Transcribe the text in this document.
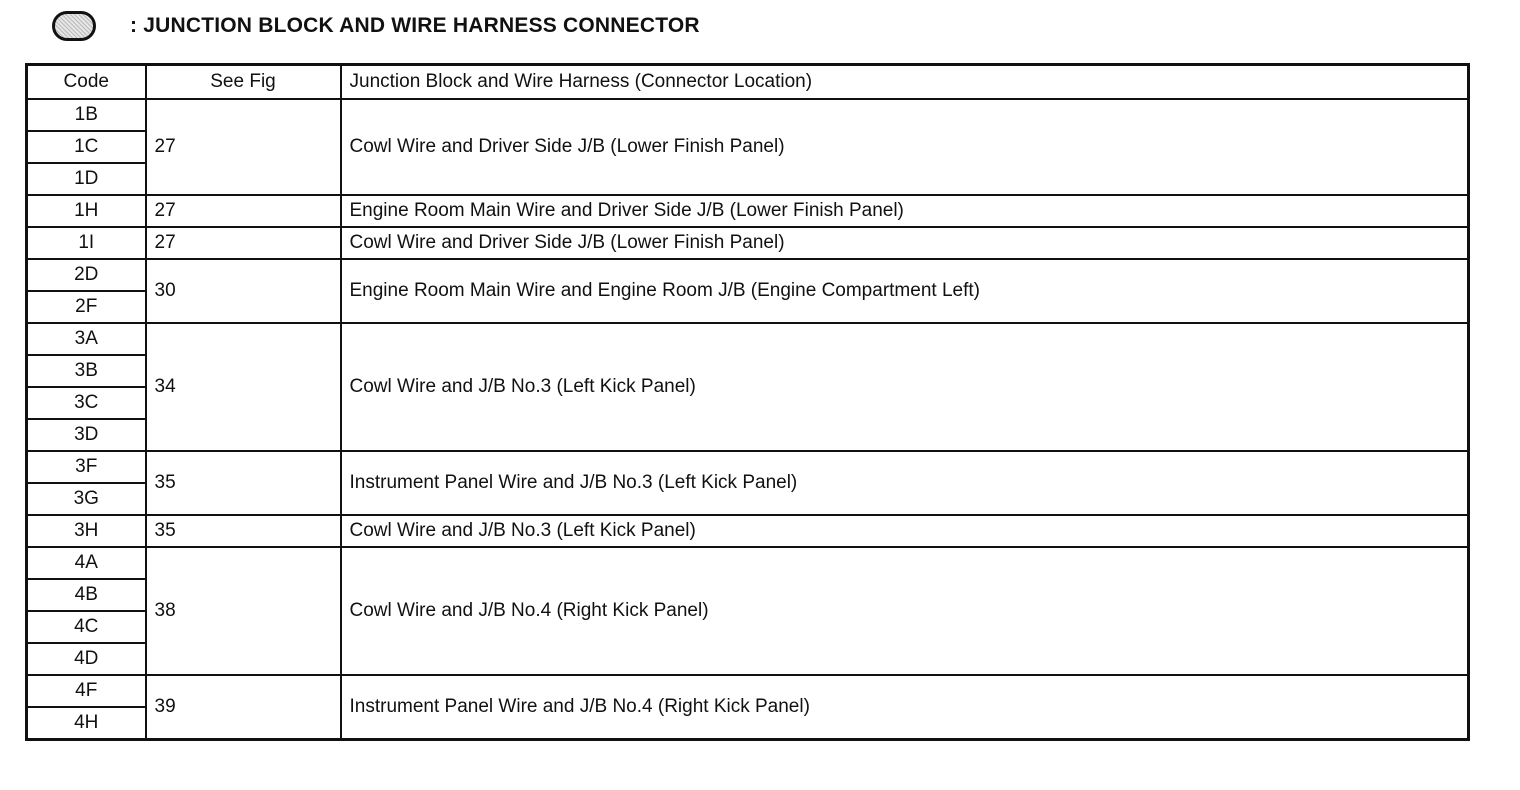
: JUNCTION BLOCK AND WIRE HARNESS CONNECTOR
Code	See Fig	Junction Block and Wire Harness (Connector Location)
1B	27	Cowl Wire and Driver Side J/B (Lower Finish Panel)
1C		
1D		
1H	27	Engine Room Main Wire and Driver Side J/B (Lower Finish Panel)
1I	27	Cowl Wire and Driver Side J/B (Lower Finish Panel)
2D	30	Engine Room Main Wire and Engine Room J/B (Engine Compartment Left)
2F		
3A	34	Cowl Wire and J/B No.3 (Left Kick Panel)
3B		
3C		
3D		
3F	35	Instrument Panel Wire and J/B No.3 (Left Kick Panel)
3G		
3H	35	Cowl Wire and J/B No.3 (Left Kick Panel)
4A	38	Cowl Wire and J/B No.4 (Right Kick Panel)
4B		
4C		
4D		
4F	39	Instrument Panel Wire and J/B No.4 (Right Kick Panel)
4H		
